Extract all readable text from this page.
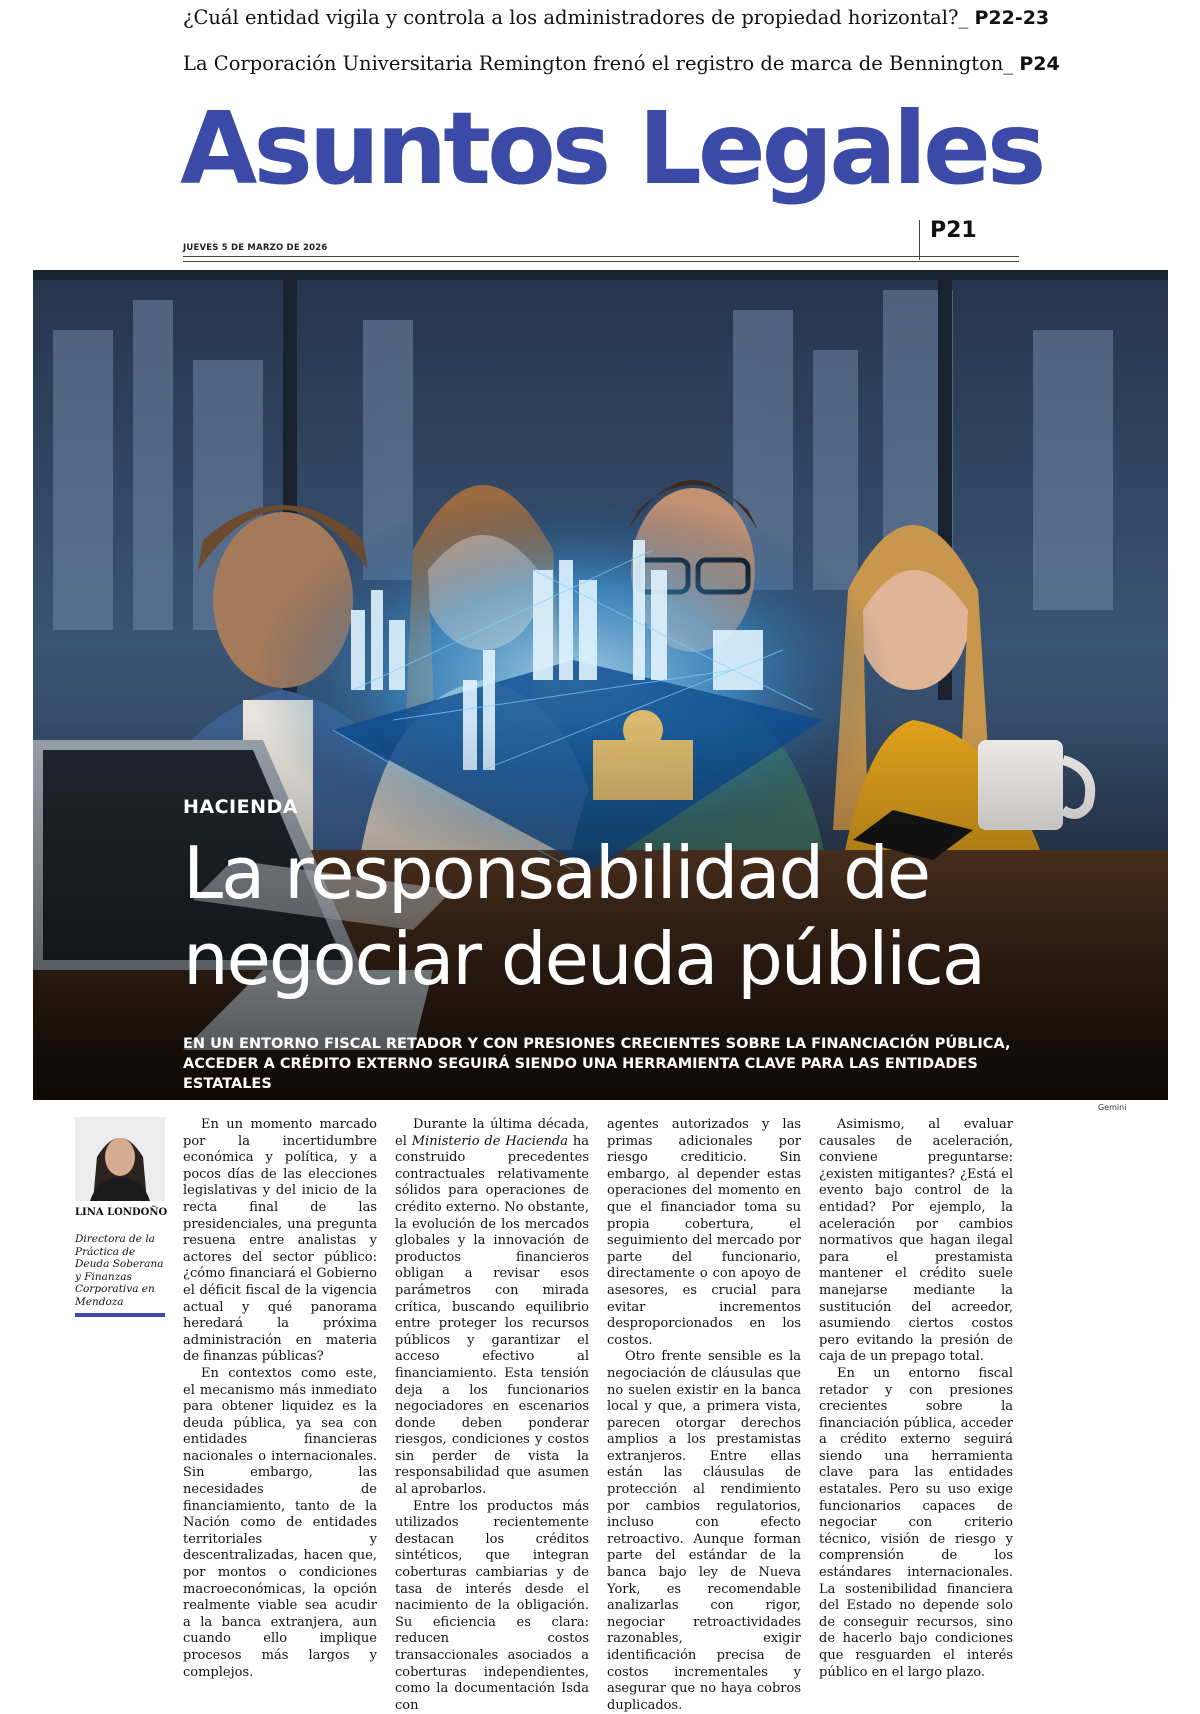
¿Cuál entidad vigila y controla a los administradores de propiedad horizontal?_ P22-23
La Corporación Universitaria Remington frenó el registro de marca de Bennington_ P24
Asuntos Legales
P21
JUEVES 5 DE MARZO DE 2026
HACIENDA
La responsabilidad de
negociar deuda pública
EN UN ENTORNO FISCAL RETADOR Y CON PRESIONES CRECIENTES SOBRE LA FINANCIACIÓN PÚBLICA, ACCEDER A CRÉDITO EXTERNO SEGUIRÁ SIENDO UNA HERRAMIENTA CLAVE PARA LAS ENTIDADES ESTATALES
Gemini
LINA LONDOÑO
Directora de la Práctica de Deuda Soberana y Finanzas Corporativa en Mendoza

En un momento marcado por la incertidumbre económica y política, y a pocos días de las elecciones legislativas y del inicio de la recta final de las presidenciales, una pregunta resuena entre analistas y actores del sector público: ¿cómo financiará el Gobierno el déficit fiscal de la vigencia actual y qué panorama heredará la próxima administración en materia de finanzas públicas?

En contextos como este, el mecanismo más inmediato para obtener liquidez es la deuda pública, ya sea con entidades financieras nacionales o internacionales. Sin embargo, las necesidades de financiamiento, tanto de la Nación como de entidades territoriales y descentralizadas, hacen que, por montos o condiciones macroeconómicas, la opción realmente viable sea acudir a la banca extranjera, aun cuando ello implique procesos más largos y complejos.

Durante la última década, el Ministerio de Hacienda ha construido precedentes contractuales relativamente sólidos para operaciones de crédito externo. No obstante, la evolución de los mercados globales y la innovación de productos financieros obligan a revisar esos parámetros con mirada crítica, buscando equilibrio entre proteger los recursos públicos y garantizar el acceso efectivo al financiamiento. Esta tensión deja a los funcionarios negociadores en escenarios donde deben ponderar riesgos, condiciones y costos sin perder de vista la responsabilidad que asumen al aprobarlos.

Entre los productos más utilizados recientemente destacan los créditos sintéticos, que integran coberturas cambiarias y de tasa de interés desde el nacimiento de la obligación. Su eficiencia es clara: reducen costos transaccionales asociados a coberturas independientes, como la documentación Isda con

agentes autorizados y las primas adicionales por riesgo crediticio. Sin embargo, al depender estas operaciones del momento en que el financiador toma su propia cobertura, el seguimiento del mercado por parte del funcionario, directamente o con apoyo de asesores, es crucial para evitar incrementos desproporcionados en los costos.

Otro frente sensible es la negociación de cláusulas que no suelen existir en la banca local y que, a primera vista, parecen otorgar derechos amplios a los prestamistas extranjeros. Entre ellas están las cláusulas de protección al rendimiento por cambios regulatorios, incluso con efecto retroactivo. Aunque forman parte del estándar de la banca bajo ley de Nueva York, es recomendable analizarlas con rigor, negociar retroactividades razonables, exigir identificación precisa de costos incrementales y asegurar que no haya cobros duplicados.

Asimismo, al evaluar causales de aceleración, conviene preguntarse: ¿existen mitigantes? ¿Está el evento bajo control de la entidad? Por ejemplo, la aceleración por cambios normativos que hagan ilegal para el prestamista mantener el crédito suele manejarse mediante la sustitución del acreedor, asumiendo ciertos costos pero evitando la presión de caja de un prepago total.

En un entorno fiscal retador y con presiones crecientes sobre la financiación pública, acceder a crédito externo seguirá siendo una herramienta clave para las entidades estatales. Pero su uso exige funcionarios capaces de negociar con criterio técnico, visión de riesgo y comprensión de los estándares internacionales. La sostenibilidad financiera del Estado no depende solo de conseguir recursos, sino de hacerlo bajo condiciones que resguarden el interés público en el largo plazo.
